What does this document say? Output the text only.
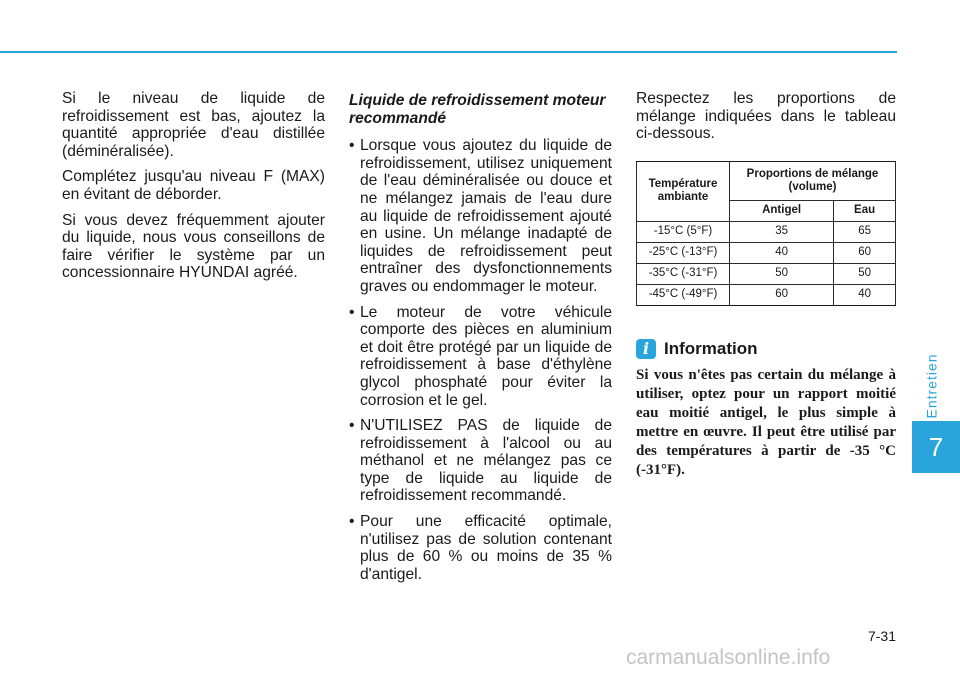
Si le niveau de liquide de refroidissement est bas, ajoutez la quantité appropriée d'eau distillée (déminéralisée).

Complétez jusqu'au niveau F (MAX) en évitant de déborder.

Si vous devez fréquemment ajouter du liquide, nous vous conseillons de faire vérifier le système par un concessionnaire HYUNDAI agréé.

Liquide de refroidissement moteur recommandé
• Lorsque vous ajoutez du liquide de refroidissement, utilisez uniquement de l'eau déminéralisée ou douce et ne mélangez jamais de l'eau dure au liquide de refroidissement ajouté en usine. Un mélange inadapté de liquides de refroidissement peut entraîner des dysfonctionnements graves ou endommager le moteur.
• Le moteur de votre véhicule comporte des pièces en aluminium et doit être protégé par un liquide de refroidissement à base d'éthylène glycol phosphaté pour éviter la corrosion et le gel.
• N'UTILISEZ PAS de liquide de refroidissement à l'alcool ou au méthanol et ne mélangez pas ce type de liquide au liquide de refroidissement recommandé.
• Pour une efficacité optimale, n'utilisez pas de solution contenant plus de 60 % ou moins de 35 % d'antigel.

Respectez les proportions de mélange indiquées dans le tableau ci-dessous.

Température ambiante	Proportions de mélange (volume)	
	Antigel	Eau
-15°C (5°F)	35	65
-25°C (-13°F)	40	60
-35°C (-31°F)	50	50
-45°C (-49°F)	60	40
i Information
Si vous n'êtes pas certain du mélange à utiliser, optez pour un rapport moitié eau moitié antigel, le plus simple à mettre en œuvre. Il peut être utilisé par des températures à partir de -35 °C (-31°F).
Entretien
7
7-31
carmanualsonline.info
